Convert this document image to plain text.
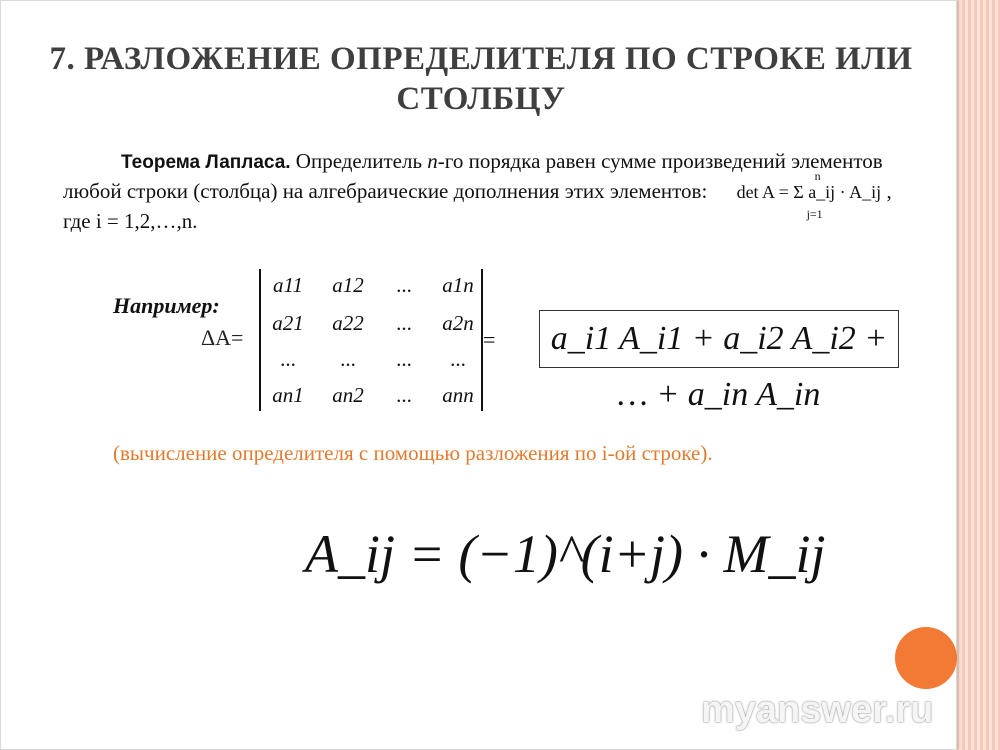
7. РАЗЛОЖЕНИЕ ОПРЕДЕЛИТЕЛЯ ПО СТРОКЕ ИЛИ СТОЛБЦУ
Теорема Лапласа. Определитель n-го порядка равен сумме произведений элементов любой строки (столбца) на алгебраические дополнения этих элементов: det A = Σ a_ij · A_ij
n
j=1
, где i = 1,2,…,n.
Например:
ΔA=
a11	a12	...	a1n
a21	a22	...	a2n
...	...	...	...
an1	an2	...	ann
=	a_i1 A_i1 + a_i2 A_i2 + … + a_in A_in
(вычисление определителя с помощью разложения по i-ой строке).
A_ij = (−1)^(i+j) · M_ij
myanswer.ru
